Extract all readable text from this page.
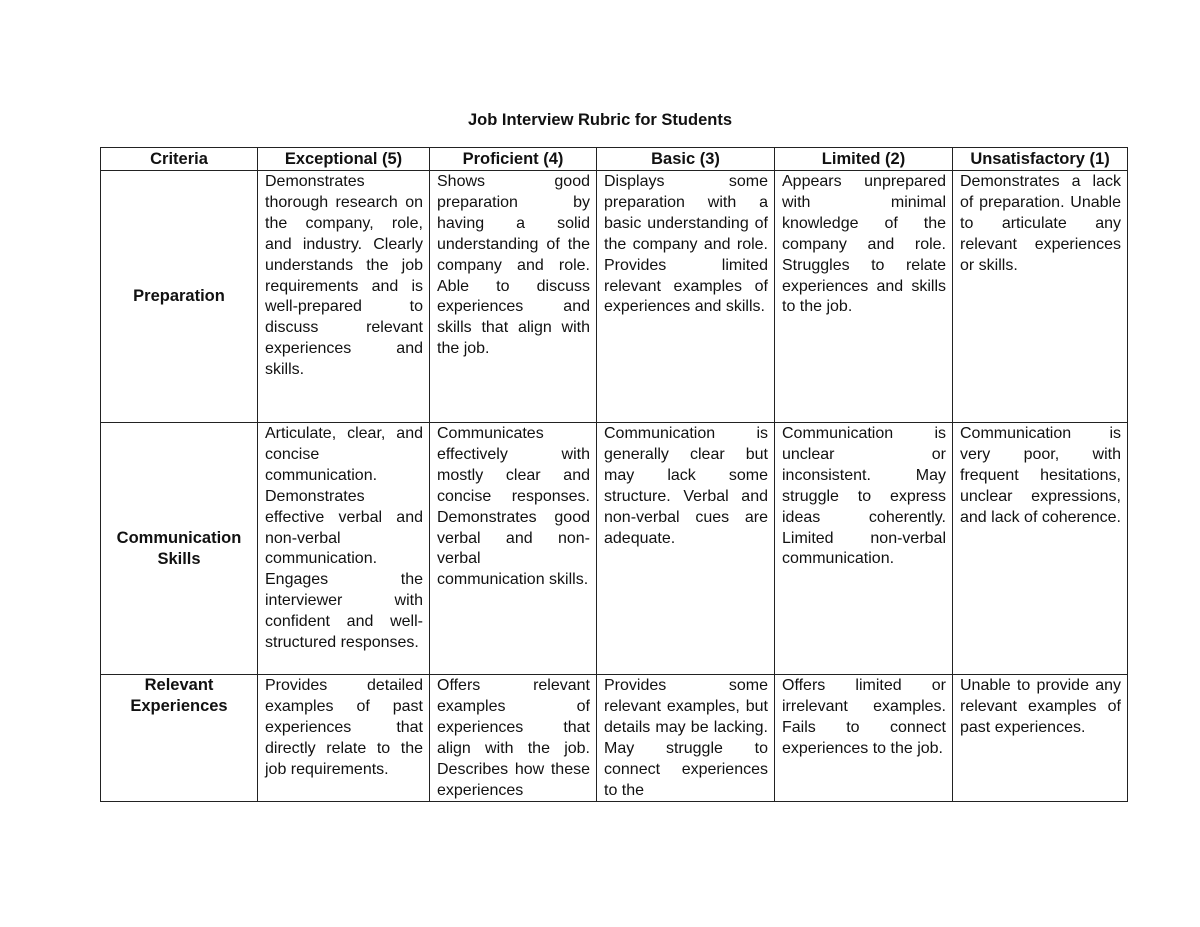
Job Interview Rubric for Students
Criteria	Exceptional (5)	Proficient (4)	Basic (3)	Limited (2)	Unsatisfactory (1)
Preparation	Demonstrates thorough research on the company, role, and industry. Clearly understands the job requirements and is well-prepared to discuss relevant experiences and skills.	Shows good preparation by having a solid understanding of the company and role. Able to discuss experiences and skills that align with the job.	Displays some preparation with a basic understanding of the company and role. Provides limited relevant examples of experiences and skills.	Appears unprepared with minimal knowledge of the company and role. Struggles to relate experiences and skills to the job.	Demonstrates a lack of preparation. Unable to articulate any relevant experiences or skills.
Communication Skills	Articulate, clear, and concise communication. Demonstrates effective verbal and non-verbal communication. Engages the interviewer with confident and well-structured responses.	Communicates effectively with mostly clear and concise responses. Demonstrates good verbal and non-verbal communication skills.	Communication is generally clear but may lack some structure. Verbal and non-verbal cues are adequate.	Communication is unclear or inconsistent. May struggle to express ideas coherently. Limited non-verbal communication.	Communication is very poor, with frequent hesitations, unclear expressions, and lack of coherence.
Relevant Experiences	Provides detailed examples of past experiences that directly relate to the job requirements.	Offers relevant examples of experiences that align with the job. Describes how these experiences	Provides some relevant examples, but details may be lacking. May struggle to connect experiences to the	Offers limited or irrelevant examples. Fails to connect experiences to the job.	Unable to provide any relevant examples of past experiences.
